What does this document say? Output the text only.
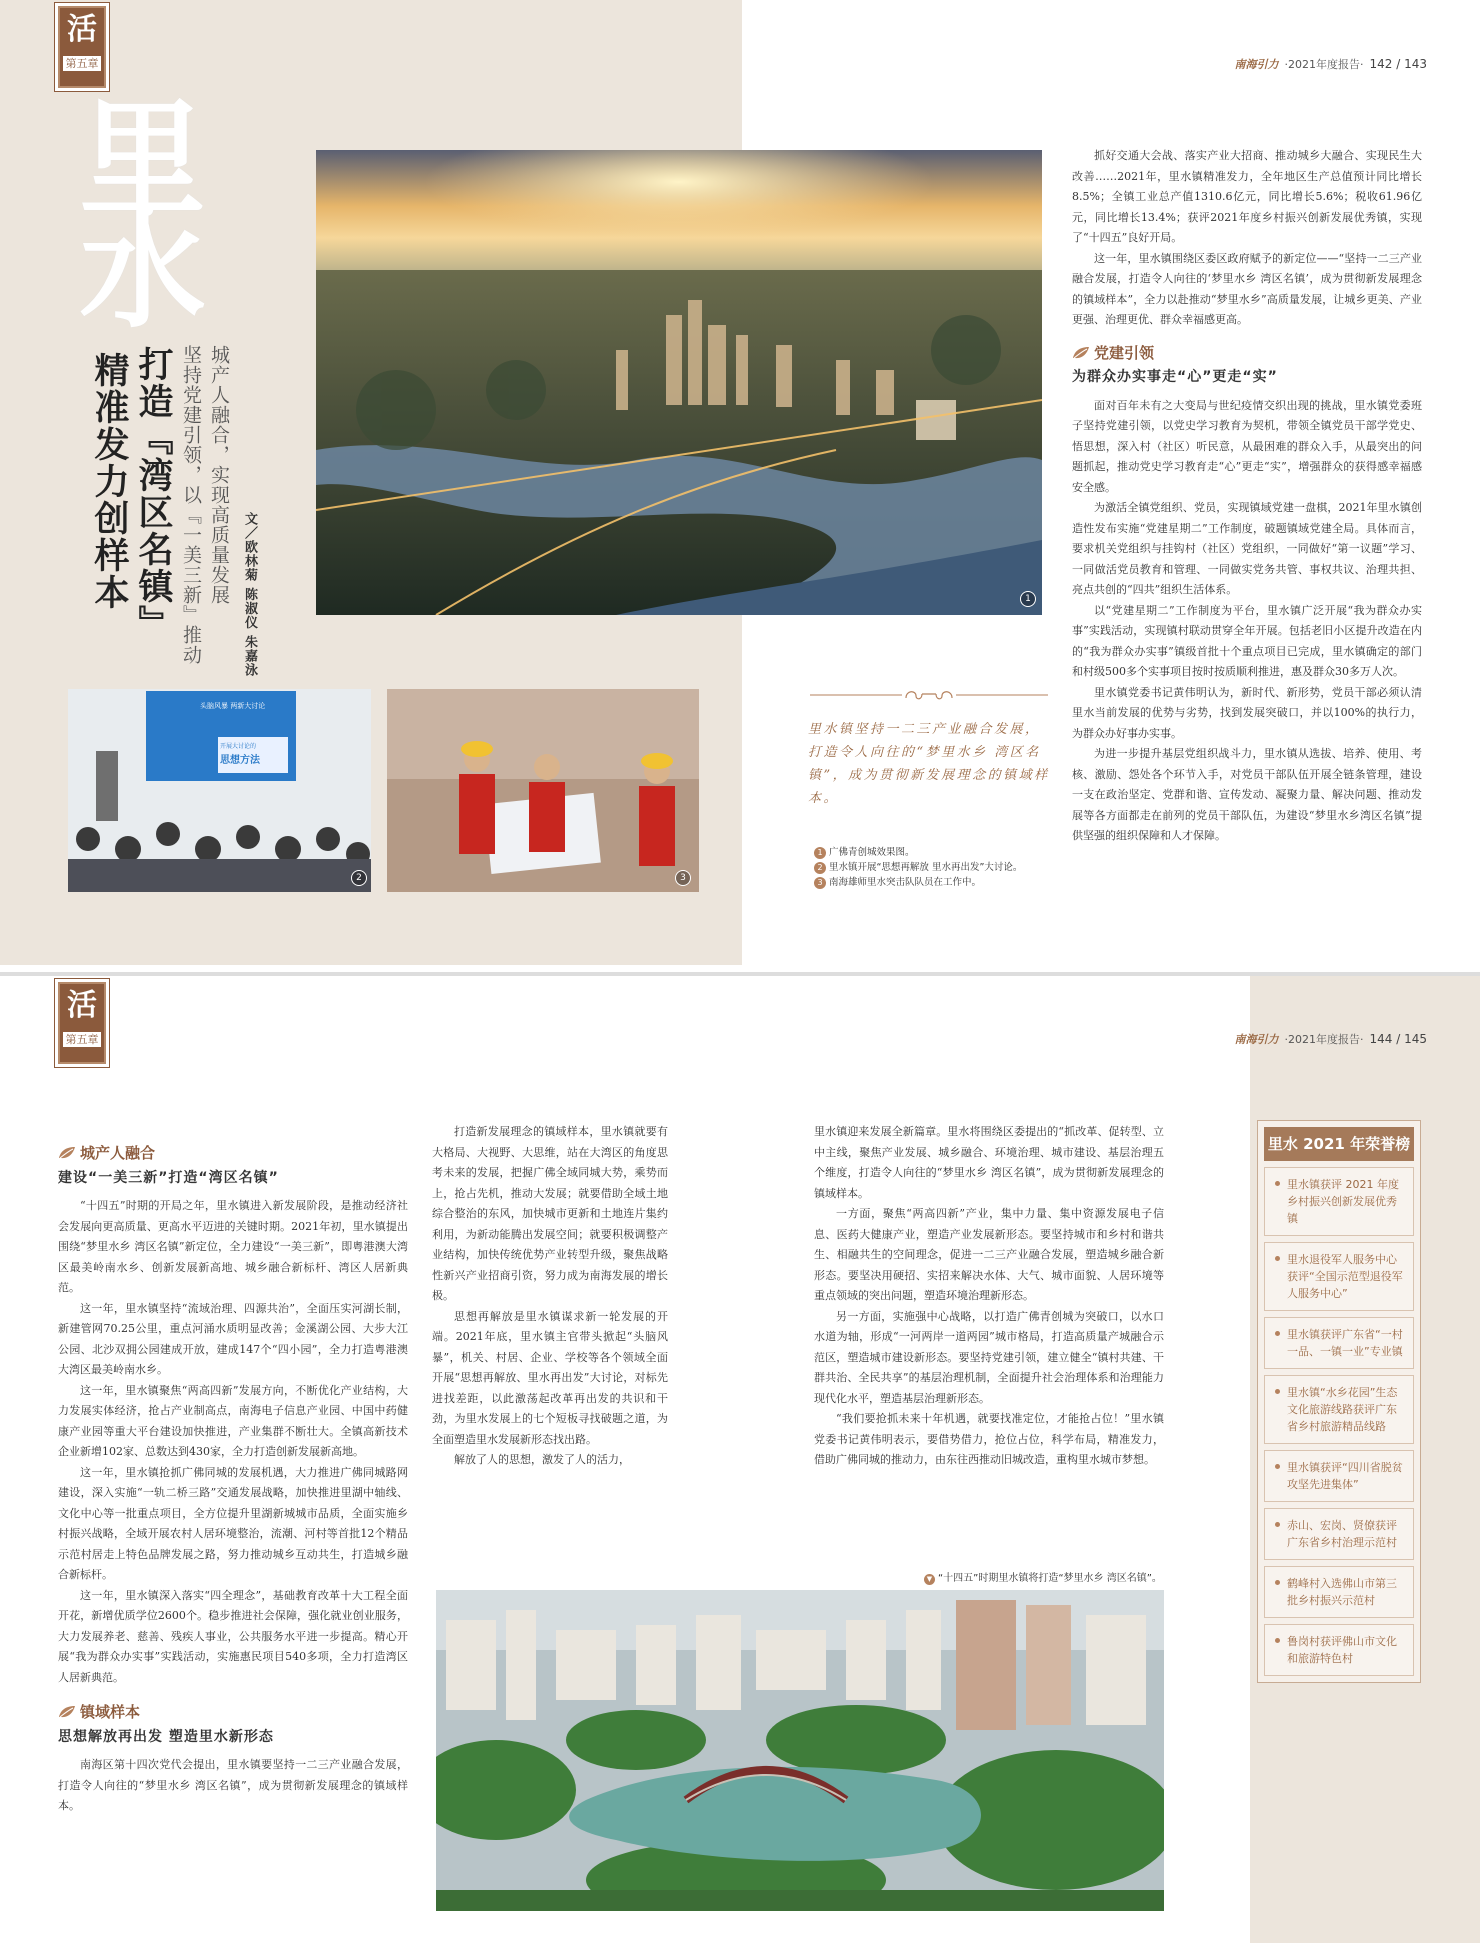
活
第五章
里水
文／欧林菊 陈淑仪 朱嘉泳
城产人融合，实现高质量发展
坚持党建引领，以『一美三新』推动
打造『湾区名镇』
精准发力创样本	1
头脑风暴 两新大讨论
开展大讨论的
思想方法
2	3
里水镇坚持一二三产业融合发展，打造令人向往的“梦里水乡 湾区名镇”，成为贯彻新发展理念的镇域样本。
1 广佛青创城效果图。
2 里水镇开展“思想再解放 里水再出发”大讨论。
3 南海雄师里水突击队队员在工作中。
南海引力 ·2021年度报告· 142 / 143

抓好交通大会战、落实产业大招商、推动城乡大融合、实现民生大改善……2021年，里水镇精准发力，全年地区生产总值预计同比增长8.5%；全镇工业总产值1310.6亿元，同比增长5.6%；税收61.96亿元，同比增长13.4%；获评2021年度乡村振兴创新发展优秀镇，实现了“十四五”良好开局。

这一年，里水镇围绕区委区政府赋予的新定位——“坚持一二三产业融合发展，打造令人向往的‘梦里水乡 湾区名镇’，成为贯彻新发展理念的镇域样本”，全力以赴推动“梦里水乡”高质量发展，让城乡更美、产业更强、治理更优、群众幸福感更高。

党建引领
为群众办实事走“心”更走“实”

面对百年未有之大变局与世纪疫情交织出现的挑战，里水镇党委班子坚持党建引领，以党史学习教育为契机，带领全镇党员干部学党史、悟思想，深入村（社区）听民意，从最困难的群众入手，从最突出的问题抓起，推动党史学习教育走“心”更走“实”，增强群众的获得感幸福感安全感。

为激活全镇党组织、党员，实现镇域党建一盘棋，2021年里水镇创造性发布实施“党建星期二”工作制度，破题镇域党建全局。具体而言，要求机关党组织与挂钩村（社区）党组织，一同做好“第一议题”学习、一同做活党员教育和管理、一同做实党务共管、事权共议、治理共担、亮点共创的“四共”组织生活体系。

以“党建星期二”工作制度为平台，里水镇广泛开展“我为群众办实事”实践活动，实现镇村联动贯穿全年开展。包括老旧小区提升改造在内的“我为群众办实事”镇级首批十个重点项目已完成，里水镇确定的部门和村级500多个实事项目按时按质顺利推进，惠及群众30多万人次。

里水镇党委书记黄伟明认为，新时代、新形势，党员干部必须认清里水当前发展的优势与劣势，找到发展突破口，并以100%的执行力，为群众办好事办实事。

为进一步提升基层党组织战斗力，里水镇从选拔、培养、使用、考核、激励、怨处各个环节入手，对党员干部队伍开展全链条管理，建设一支在政治坚定、党群和谐、宣传发动、凝聚力量、解决问题、推动发展等各方面都走在前列的党员干部队伍，为建设“梦里水乡湾区名镇”提供坚强的组织保障和人才保障。

活
第五章	南海引力 ·2021年度报告· 144 / 145
城产人融合
建设“一美三新”打造“湾区名镇”

“十四五”时期的开局之年，里水镇进入新发展阶段，是推动经济社会发展向更高质量、更高水平迈进的关键时期。2021年初，里水镇提出围绕“梦里水乡 湾区名镇”新定位，全力建设“一美三新”，即粤港澳大湾区最美岭南水乡、创新发展新高地、城乡融合新标杆、湾区人居新典范。

这一年，里水镇坚持“流域治理、四源共治”，全面压实河湖长制，新建管网70.25公里，重点河涌水质明显改善；金溪湖公园、大步大江公园、北沙双拥公园建成开放，建成147个“四小园”，全力打造粤港澳大湾区最美岭南水乡。

这一年，里水镇聚焦“两高四新”发展方向，不断优化产业结构，大力发展实体经济，抢占产业制高点，南海电子信息产业园、中国中药健康产业园等重大平台建设加快推进，产业集群不断壮大。全镇高新技术企业新增102家、总数达到430家，全力打造创新发展新高地。

这一年，里水镇抢抓广佛同城的发展机遇，大力推进广佛同城路网建设，深入实施“一轨二桥三路”交通发展战略，加快推进里湖中轴线、文化中心等一批重点项目，全方位提升里湖新城城市品质，全面实施乡村振兴战略，全域开展农村人居环境整治，流潮、河村等首批12个精品示范村居走上特色品牌发展之路，努力推动城乡互动共生，打造城乡融合新标杆。

这一年，里水镇深入落实“四全理念”，基础教育改革十大工程全面开花，新增优质学位2600个。稳步推进社会保障，强化就业创业服务，大力发展养老、慈善、残疾人事业，公共服务水平进一步提高。精心开展“我为群众办实事”实践活动，实施惠民项目540多项，全力打造湾区人居新典范。

镇域样本
思想解放再出发 塑造里水新形态

南海区第十四次党代会提出，里水镇要坚持一二三产业融合发展，打造令人向往的“梦里水乡 湾区名镇”，成为贯彻新发展理念的镇域样本。

打造新发展理念的镇域样本，里水镇就要有大格局、大视野、大思维，站在大湾区的角度思考未来的发展，把握广佛全域同城大势，乘势而上，抢占先机，推动大发展；就要借助全域土地综合整治的东风，加快城市更新和土地连片集约利用，为新动能腾出发展空间；就要积极调整产业结构，加快传统优势产业转型升级，聚焦战略性新兴产业招商引资，努力成为南海发展的增长极。

思想再解放是里水镇谋求新一轮发展的开端。2021年底，里水镇主官带头掀起“头脑风暴”，机关、村居、企业、学校等各个领域全面开展“思想再解放、里水再出发”大讨论，对标先进找差距，以此激荡起改革再出发的共识和干劲，为里水发展上的七个短板寻找破题之道，为全面塑造里水发展新形态找出路。

解放了人的思想，激发了人的活力，

里水镇迎来发展全新篇章。里水将围绕区委提出的“抓改革、促转型、立中主线，聚焦产业发展、城乡融合、环境治理、城市建设、基层治理五个维度，打造令人向往的“梦里水乡 湾区名镇”，成为贯彻新发展理念的镇域样本。

一方面，聚焦“两高四新”产业，集中力量、集中资源发展电子信息、医药大健康产业，塑造产业发展新形态。要坚持城市和乡村和谐共生、相融共生的空间理念，促进一二三产业融合发展，塑造城乡融合新形态。要坚决用硬招、实招来解决水体、大气、城市面貌、人居环境等重点领域的突出问题，塑造环境治理新形态。

另一方面，实施强中心战略，以打造广佛青创城为突破口，以水口水道为轴，形成“一河两岸一道两园”城市格局，打造高质量产城融合示范区，塑造城市建设新形态。要坚持党建引领，建立健全“镇村共建、干群共治、全民共享”的基层治理机制，全面提升社会治理体系和治理能力现代化水平，塑造基层治理新形态。

“我们要抢抓未来十年机遇，就要找准定位，才能抢占位！”里水镇党委书记黄伟明表示，要借势借力，抢位占位，科学布局，精准发力，借助广佛同城的推动力，由东往西推动旧城改造，重构里水城市梦想。

▼ “十四五”时期里水镇将打造“梦里水乡 湾区名镇”。
里水 2021 年荣誉榜
里水镇获评 2021 年度乡村振兴创新发展优秀镇
里水退役军人服务中心获评“全国示范型退役军人服务中心”
里水镇获评广东省“一村一品、一镇一业”专业镇
里水镇“水乡花园”生态文化旅游线路获评广东省乡村旅游精品线路
里水镇获评“四川省脱贫攻坚先进集体”
赤山、宏岗、贤僚获评广东省乡村治理示范村
鹤峰村入选佛山市第三批乡村振兴示范村
鲁岗村获评佛山市文化和旅游特色村
